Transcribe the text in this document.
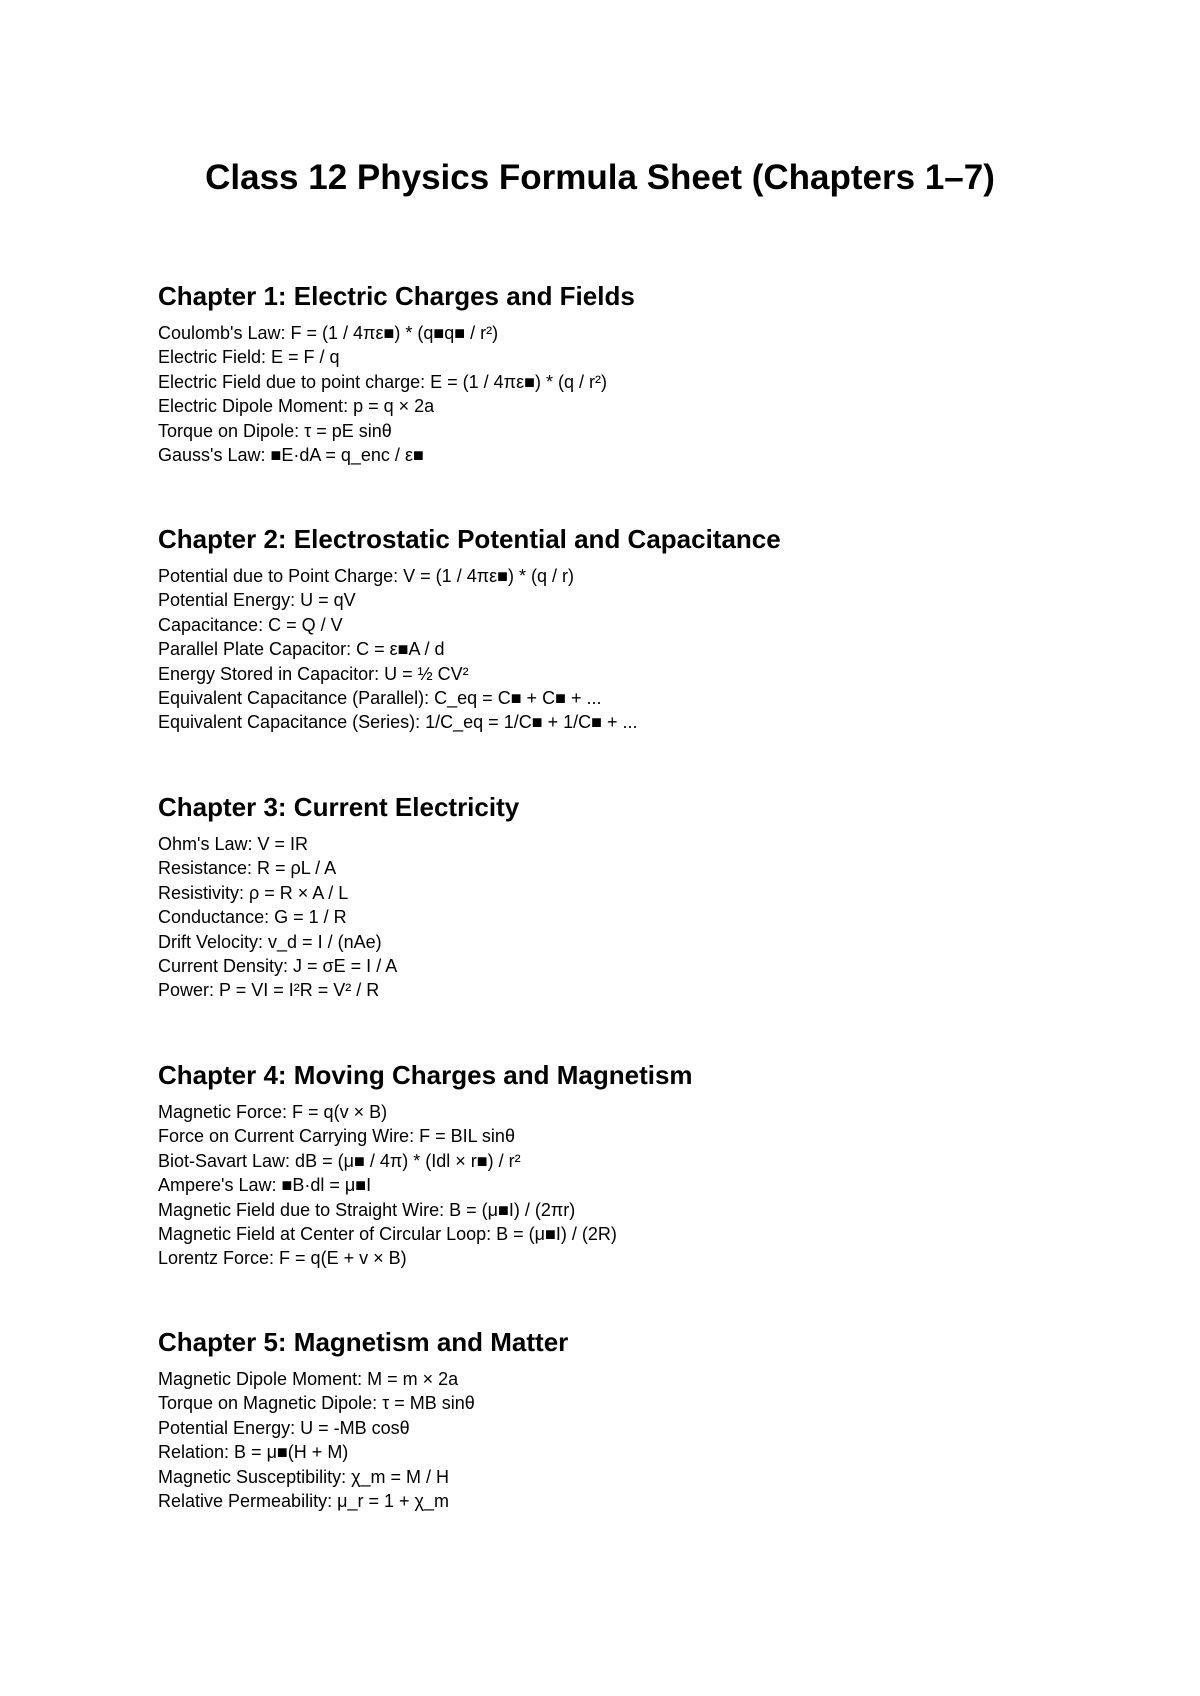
Class 12 Physics Formula Sheet (Chapters 1–7)
Chapter 1: Electric Charges and Fields
Coulomb's Law: F = (1 / 4πε■) * (q■q■ / r²)
Electric Field: E = F / q
Electric Field due to point charge: E = (1 / 4πε■) * (q / r²)
Electric Dipole Moment: p = q × 2a
Torque on Dipole: τ = pE sinθ
Gauss's Law: ■E·dA = q_enc / ε■
Chapter 2: Electrostatic Potential and Capacitance
Potential due to Point Charge: V = (1 / 4πε■) * (q / r)
Potential Energy: U = qV
Capacitance: C = Q / V
Parallel Plate Capacitor: C = ε■A / d
Energy Stored in Capacitor: U = ½ CV²
Equivalent Capacitance (Parallel): C_eq = C■ + C■ + ...
Equivalent Capacitance (Series): 1/C_eq = 1/C■ + 1/C■ + ...
Chapter 3: Current Electricity
Ohm's Law: V = IR
Resistance: R = ρL / A
Resistivity: ρ = R × A / L
Conductance: G = 1 / R
Drift Velocity: v_d = I / (nAe)
Current Density: J = σE = I / A
Power: P = VI = I²R = V² / R
Chapter 4: Moving Charges and Magnetism
Magnetic Force: F = q(v × B)
Force on Current Carrying Wire: F = BIL sinθ
Biot-Savart Law: dB = (μ■ / 4π) * (Idl × r■) / r²
Ampere's Law: ■B·dl = μ■I
Magnetic Field due to Straight Wire: B = (μ■I) / (2πr)
Magnetic Field at Center of Circular Loop: B = (μ■I) / (2R)
Lorentz Force: F = q(E + v × B)
Chapter 5: Magnetism and Matter
Magnetic Dipole Moment: M = m × 2a
Torque on Magnetic Dipole: τ = MB sinθ
Potential Energy: U = -MB cosθ
Relation: B = μ■(H + M)
Magnetic Susceptibility: χ_m = M / H
Relative Permeability: μ_r = 1 + χ_m
